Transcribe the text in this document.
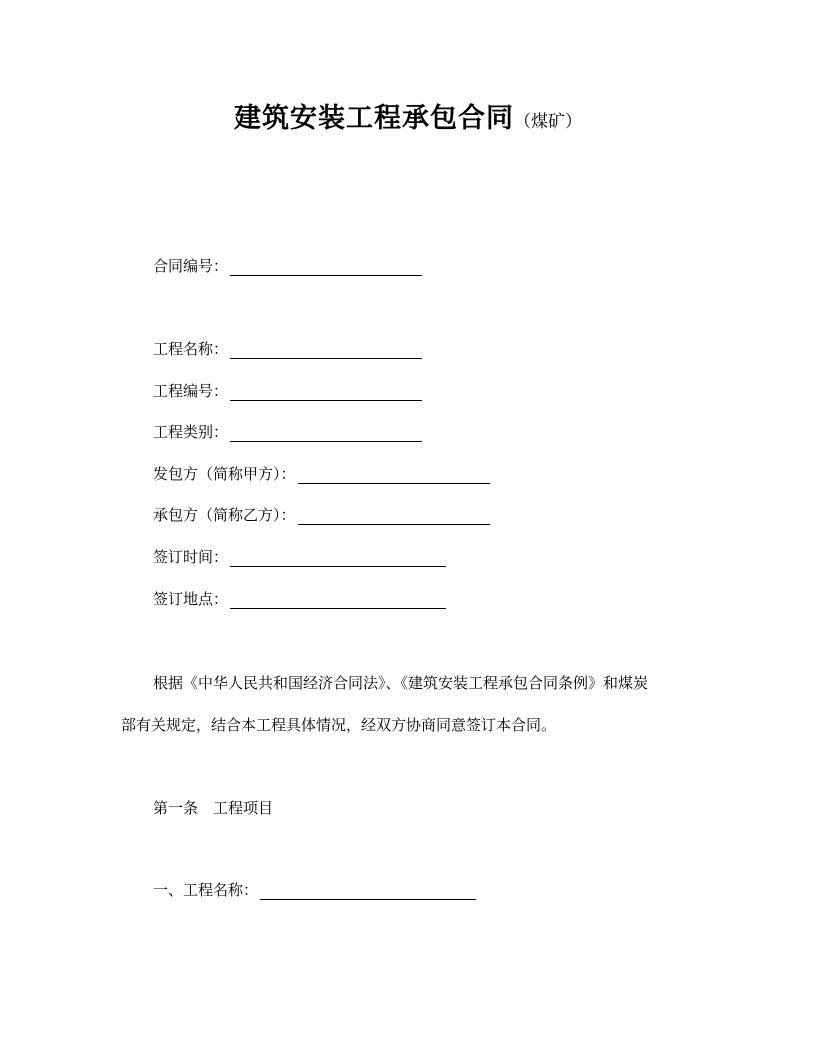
建筑安装工程承包合同（煤矿）
合同编号：
工程名称：
工程编号：
工程类别：
发包方（简称甲方）：
承包方（简称乙方）：
签订时间：
签订地点：
根据《中华人民共和国经济合同法》、《建筑安装工程承包合同条例》和煤炭
部有关规定，结合本工程具体情况，经双方协商同意签订本合同。
第一条　工程项目
一、工程名称：
